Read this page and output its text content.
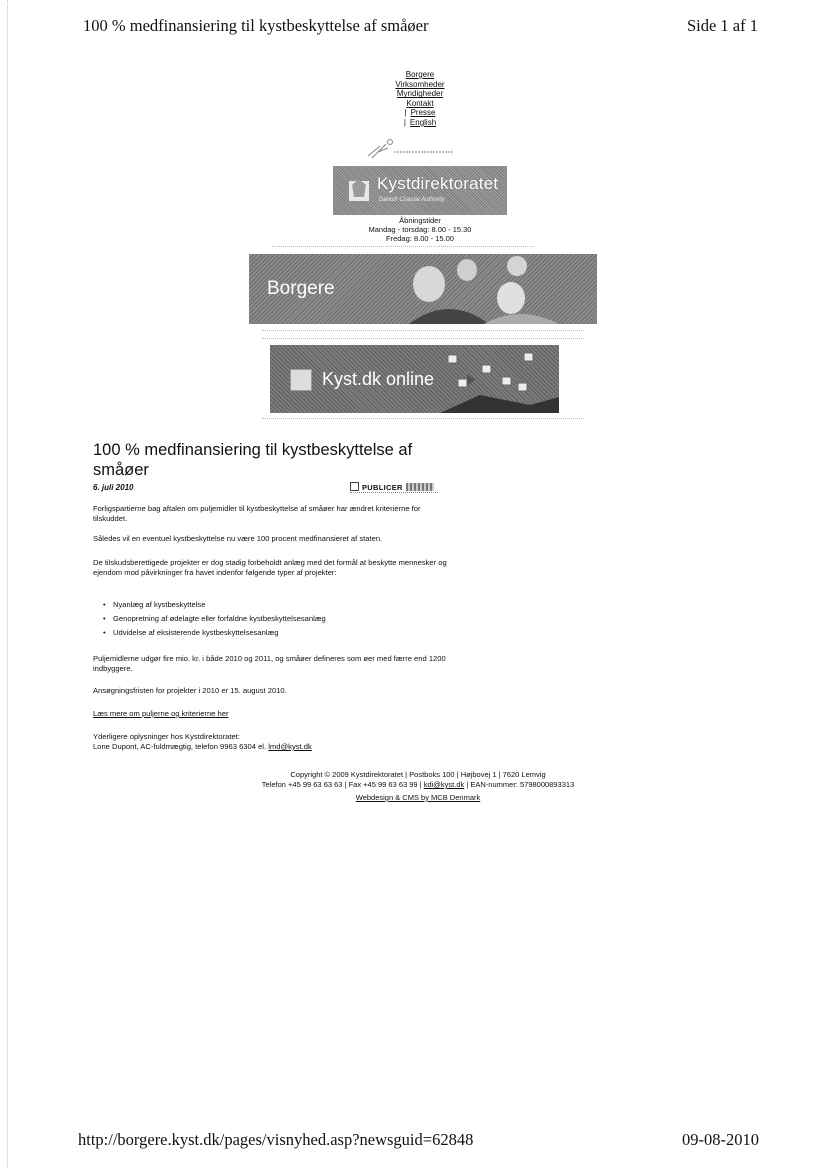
100 % medfinansiering til kystbeskyttelse af småøer	Side 1 af 1
Borgere
Virksomheder
Myndigheder
Kontakt
| Presse
| English
Kystdirektoratet
Danish Coastal Authority
Åbningstider
Mandag - torsdag: 8.00 - 15.30
Fredag: 8.00 - 15.00
Borgere
Kyst.dk online
100 % medfinansiering til kystbeskyttelse af småøer
6. juli 2010	PUBLICER

Forligspartierne bag aftalen om puljemidler til kystbeskyttelse af småøer har ændret kriterierne for tilskuddet.

Således vil en eventuel kystbeskyttelse nu være 100 procent medfinansieret af staten.

De tilskudsberettigede projekter er dog stadig forbeholdt anlæg med det formål at beskytte mennesker og ejendom mod påvirkninger fra havet indenfor følgende typer af projekter:

• Nyanlæg af kystbeskyttelse
• Genopretning af ødelagte eller forfaldne kystbeskyttelsesanlæg
• Udvidelse af eksisterende kystbeskyttelsesanlæg

Puljemidlerne udgør fire mio. kr. i både 2010 og 2011, og småøer defineres som øer med færre end 1200 indbyggere.

Ansøgningsfristen for projekter i 2010 er 15. august 2010.

Læs mere om puljerne og kriterierne her

Yderligere oplysninger hos Kystdirektoratet:
Lone Dupont, AC-fuldmægtig, telefon 9963 6304 el. lmd@kyst.dk

Copyright © 2009 Kystdirektoratet | Postboks 100 | Højbovej 1 | 7620 Lemvig
Telefon +45 99 63 63 63 | Fax +45 99 63 63 99 | kdi@kyst.dk | EAN-nummer: 5798000893313
Webdesign & CMS by MCB Denmark
http://borgere.kyst.dk/pages/visnyhed.asp?newsguid=62848	09-08-2010
